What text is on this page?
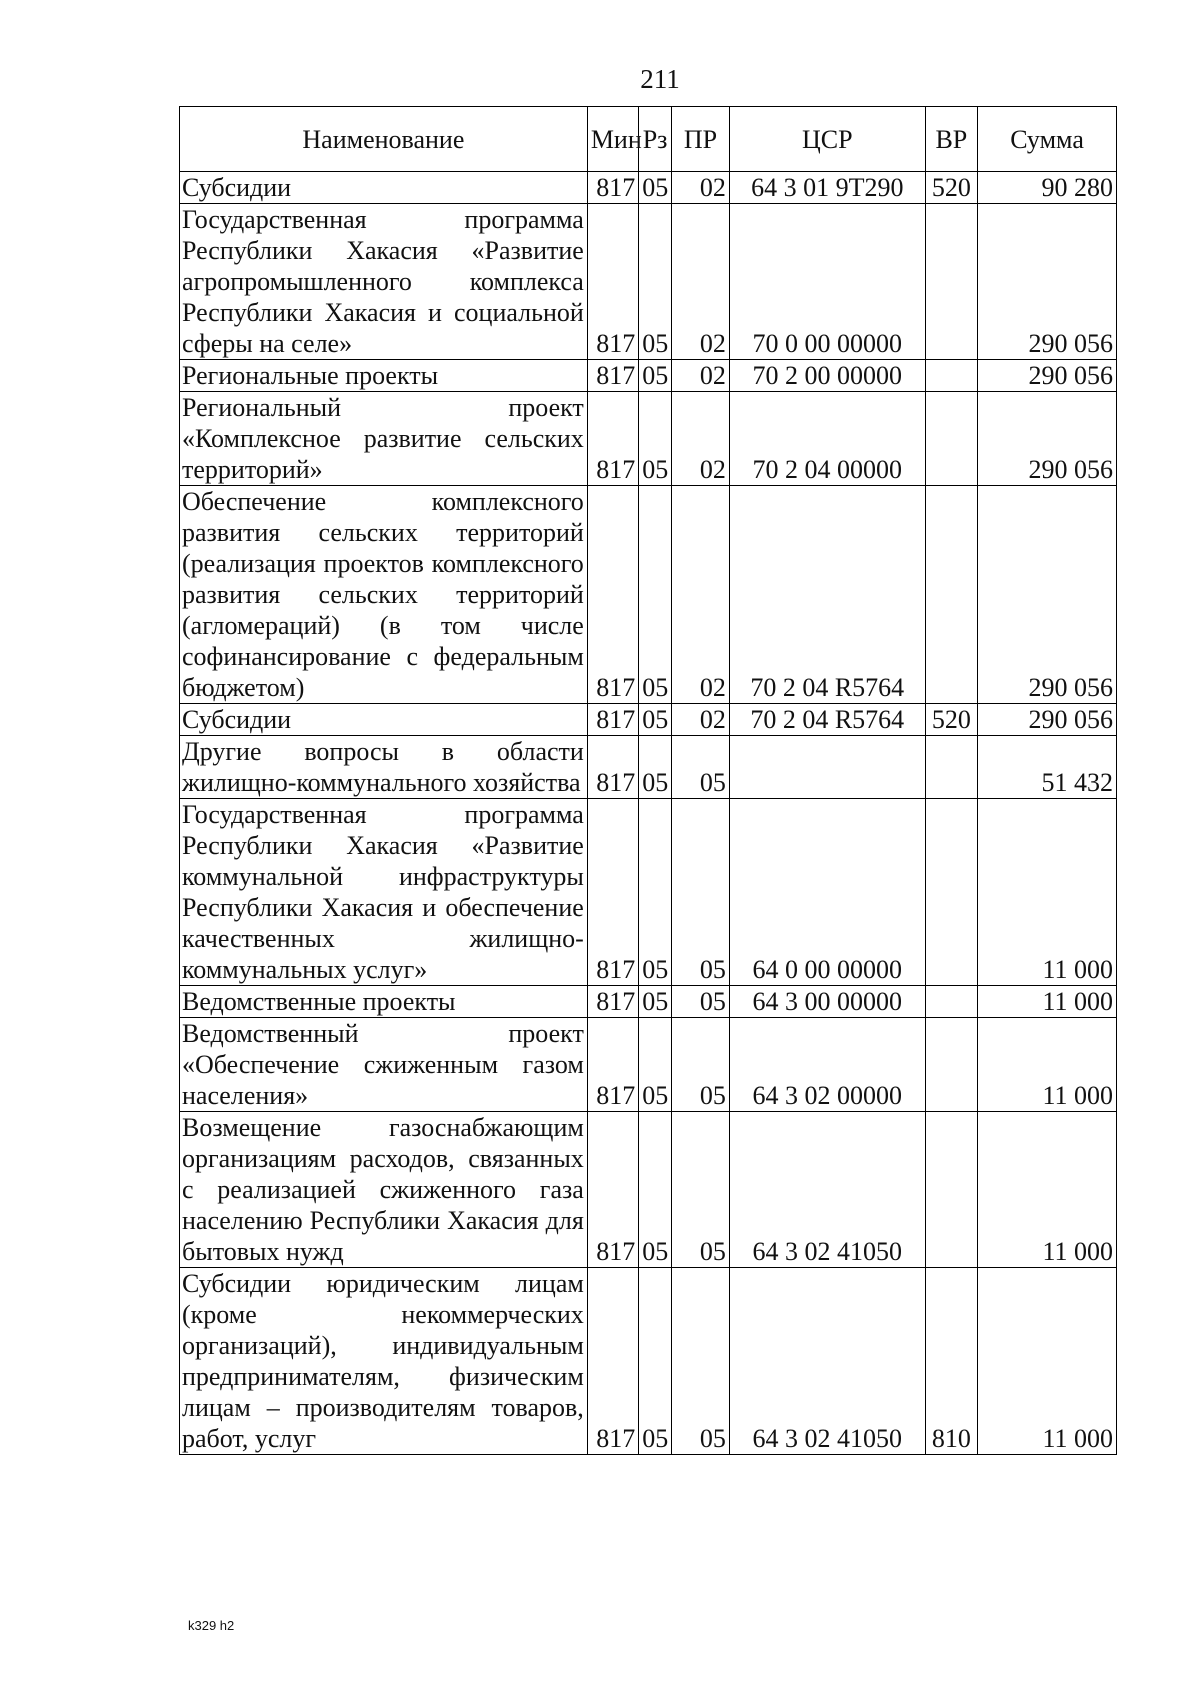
211
Наименование	Мин	Рз	ПР	ЦСР	ВР	Сумма
Субсидии	817	05	02	64 3 01 9Т290	520	90 280
Государственная программа Республики Хакасия «Развитие агропромышленного комплекса Республики Хакасия и социальной сферы на селе»	817	05	02	70 0 00 00000		290 056
Региональные проекты	817	05	02	70 2 00 00000		290 056
Региональный проект «Комплексное развитие сельских территорий»	817	05	02	70 2 04 00000		290 056
Обеспечение комплексного развития сельских территорий (реализация проектов комплексного развития сельских территорий (агломераций) (в том числе софинансирование с федеральным бюджетом)	817	05	02	70 2 04 R5764		290 056
Субсидии	817	05	02	70 2 04 R5764	520	290 056
Другие вопросы в области жилищно-коммунального хозяйства	817	05	05			51 432
Государственная программа Республики Хакасия «Развитие коммунальной инфраструктуры Республики Хакасия и обеспечение качественных жилищно-коммунальных услуг»	817	05	05	64 0 00 00000		11 000
Ведомственные проекты	817	05	05	64 3 00 00000		11 000
Ведомственный проект «Обеспечение сжиженным газом населения»	817	05	05	64 3 02 00000		11 000
Возмещение газоснабжающим организациям расходов, связанных с реализацией сжиженного газа населению Республики Хакасия для бытовых нужд	817	05	05	64 3 02 41050		11 000
Субсидии юридическим лицам (кроме некоммерческих организаций), индивидуальным предпринимателям, физическим лицам – производителям товаров, работ, услуг	817	05	05	64 3 02 41050	810	11 000
k329 h2
